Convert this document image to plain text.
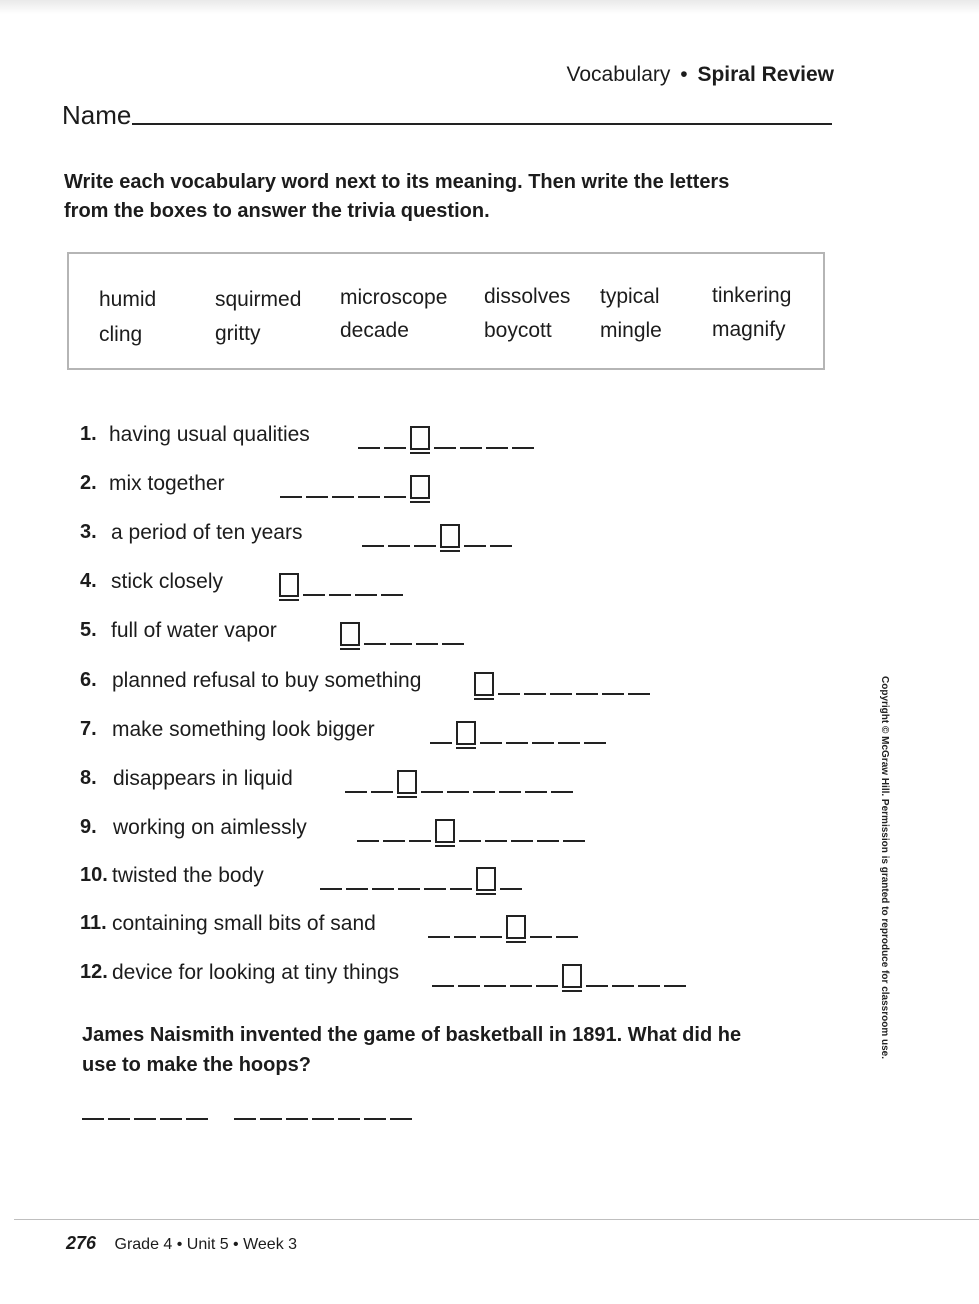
Vocabulary • Spiral Review
Name
Write each vocabulary word next to its meaning. Then write the letters from the boxes to answer the trivia question.
humid	squirmed microscope dissolves typical tinkering
cling	gritty	decade	boycott mingle magnify
1. having usual qualities
2. mix together
3. a period of ten years
4. stick closely
5. full of water vapor
6. planned refusal to buy something
7. make something look bigger
8. disappears in liquid
9. working on aimlessly
10. twisted the body
11. containing small bits of sand
12. device for looking at tiny things
James Naismith invented the game of basketball in 1891. What did he use to make the hoops?
Copyright © McGraw Hill. Permission is granted to reproduce for classroom use.
276 Grade 4 • Unit 5 • Week 3
